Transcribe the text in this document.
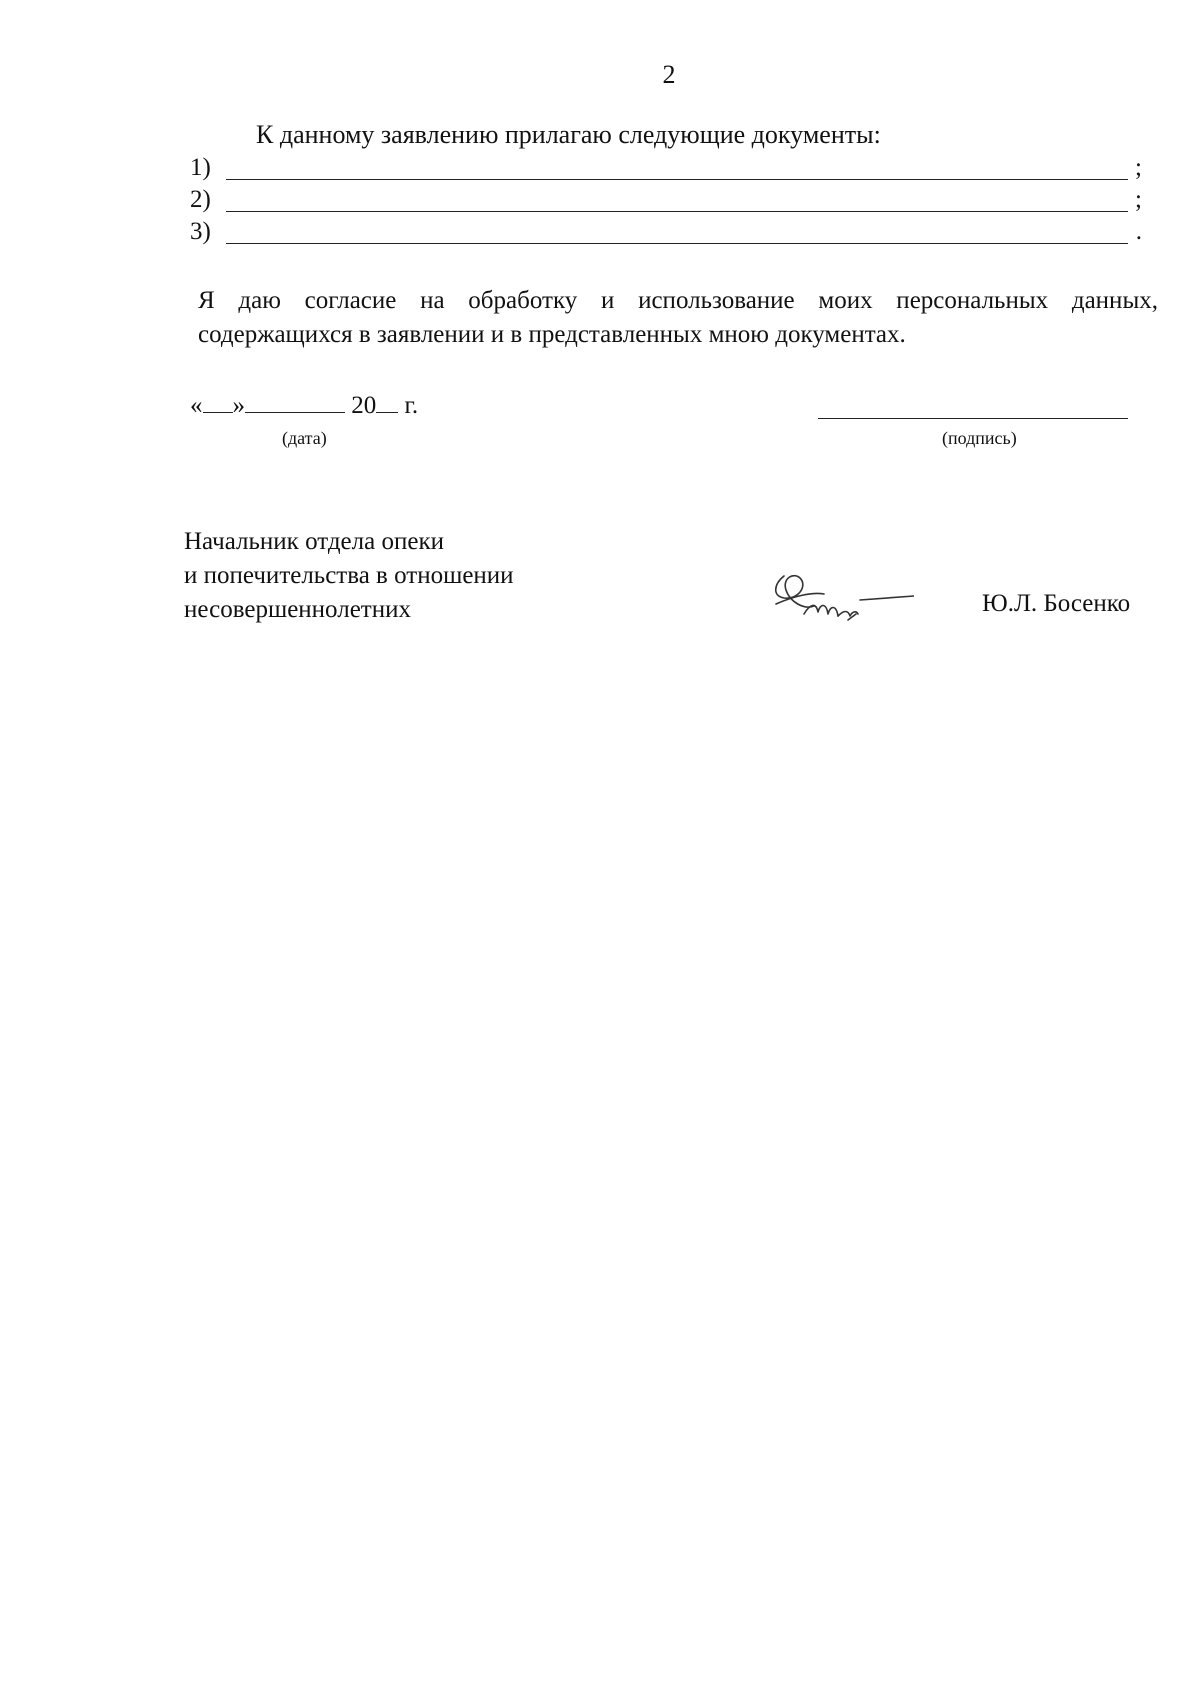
2
К данному заявлению прилагаю следующие документы:
1)	;
2)	;
3)	.
Я даю согласие на обработку и использование моих персональных данных, содержащихся в заявлении и в представленных мною документах.
« »	20 г.
(дата)	(подпись)
Начальник отдела опеки
и попечительства в отношении
несовершеннолетних	Ю.Л. Босенко
